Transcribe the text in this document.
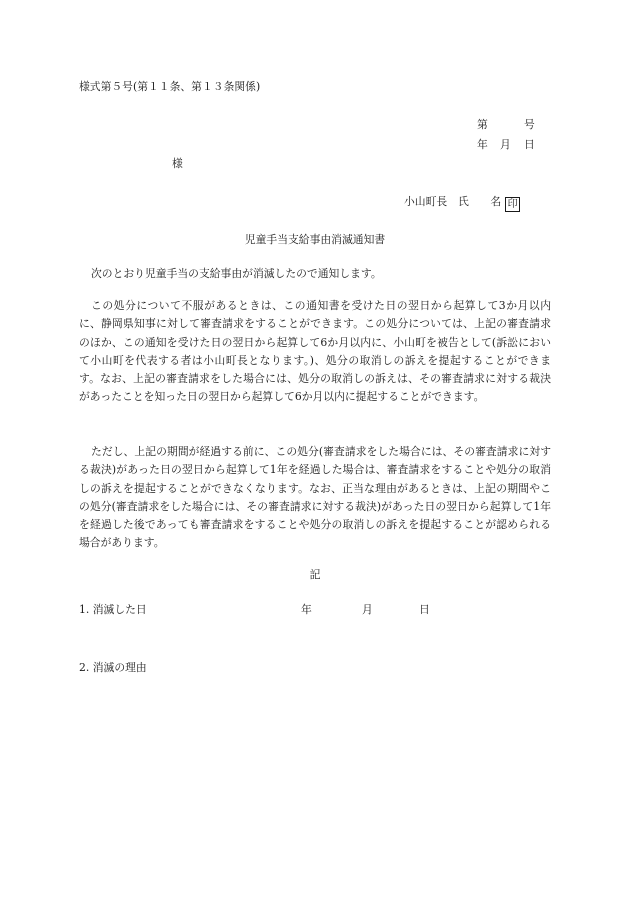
様式第５号(第１１条、第１３条関係)
第	号
年 月 日
様
小山町長　氏　　名 印
児童手当支給事由消滅通知書
次のとおり児童手当の支給事由が消滅したので通知します。
この処分について不服があるときは、この通知書を受けた日の翌日から起算して3か月以内に、静岡県知事に対して審査請求をすることができます。この処分については、上記の審査請求のほか、この通知を受けた日の翌日から起算して6か月以内に、小山町を被告として(訴訟において小山町を代表する者は小山町長となります。)、処分の取消しの訴えを提起することができます。なお、上記の審査請求をした場合には、処分の取消しの訴えは、その審査請求に対する裁決があったことを知った日の翌日から起算して6か月以内に提起することができます。
ただし、上記の期間が経過する前に、この処分(審査請求をした場合には、その審査請求に対する裁決)があった日の翌日から起算して1年を経過した場合は、審査請求をすることや処分の取消しの訴えを提起することができなくなります。なお、正当な理由があるときは、上記の期間やこの処分(審査請求をした場合には、その審査請求に対する裁決)があった日の翌日から起算して1年を経過した後であっても審査請求をすることや処分の取消しの訴えを提起することが認められる場合があります。
記
1. 消滅した日	年	月	日
2. 消滅の理由
